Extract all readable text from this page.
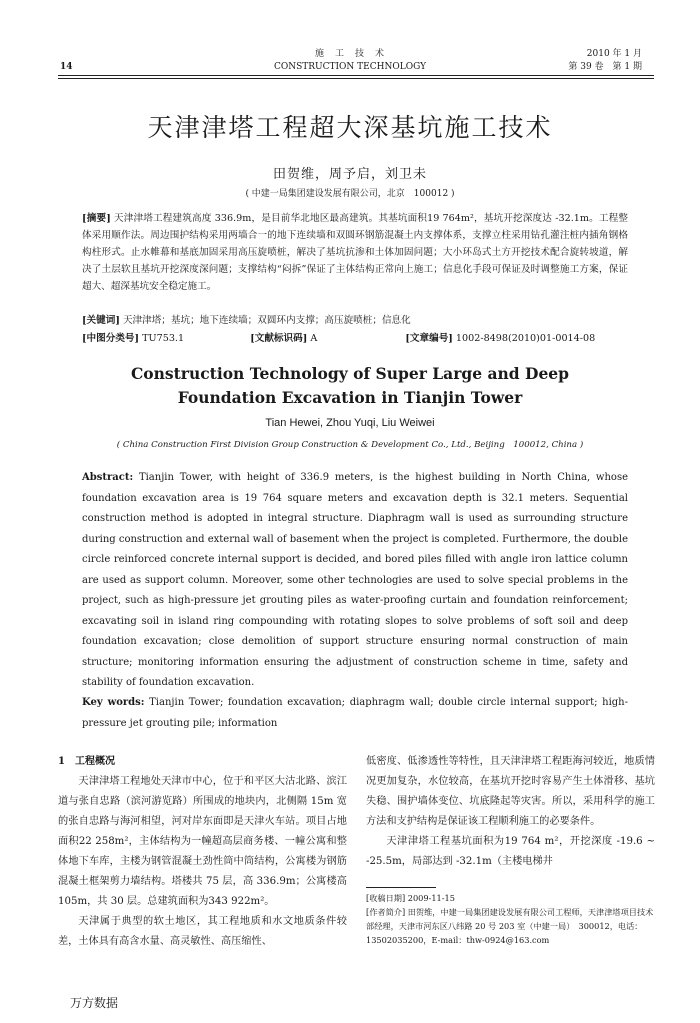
14
施　工　技　术
CONSTRUCTION TECHNOLOGY
2010 年 1 月
第 39 卷　第 1 期
天津津塔工程超大深基坑施工技术
田贺维，周予启，刘卫未
( 中建一局集团建设发展有限公司，北京　100012 )
[摘要] 天津津塔工程建筑高度 336.9m，是目前华北地区最高建筑。其基坑面积19 764m²，基坑开挖深度达 -32.1m。工程整体采用顺作法。周边围护结构采用两墙合一的地下连续墙和双圆环钢筋混凝土内支撑体系，支撑立柱采用钻孔灌注桩内插角钢格构柱形式。止水帷幕和基底加固采用高压旋喷桩，解决了基坑抗渗和土体加固问题；大小环岛式土方开挖技术配合旋转坡道，解决了土层软且基坑开挖深度深问题；支撑结构“闷拆”保证了主体结构正常向上施工；信息化手段可保证及时调整施工方案，保证超大、超深基坑安全稳定施工。
[关键词] 天津津塔；基坑；地下连续墙；双圆环内支撑；高压旋喷桩；信息化
[中图分类号] TU753.1	[文献标识码] A	[文章编号] 1002-8498(2010)01-0014-08
Construction Technology of Super Large and Deep
Foundation Excavation in Tianjin Tower
Tian Hewei, Zhou Yuqi, Liu Weiwei
( China Construction First Division Group Construction & Development Co., Ltd., Beijing　100012, China )
Abstract: Tianjin Tower, with height of 336.9 meters, is the highest building in North China, whose foundation excavation area is 19 764 square meters and excavation depth is 32.1 meters. Sequential construction method is adopted in integral structure. Diaphragm wall is used as surrounding structure during construction and external wall of basement when the project is completed. Furthermore, the double circle reinforced concrete internal support is decided, and bored piles filled with angle iron lattice column are used as support column. Moreover, some other technologies are used to solve special problems in the project, such as high-pressure jet grouting piles as water-proofing curtain and foundation reinforcement; excavating soil in island ring compounding with rotating slopes to solve problems of soft soil and deep foundation excavation; close demolition of support structure ensuring normal construction of main structure; monitoring information ensuring the adjustment of construction scheme in time, safety and stability of foundation excavation.
Key words: Tianjin Tower; foundation excavation; diaphragm wall; double circle internal support; high-pressure jet grouting pile; information
1　工程概况

天津津塔工程地处天津市中心，位于和平区大沽北路、滨江道与张自忠路（滨河游览路）所围成的地块内，北侧隔 15m 宽的张自忠路与海河相望，河对岸东面即是天津火车站。项目占地面积22 258m²，主体结构为一幢超高层商务楼、一幢公寓和整体地下车库，主楼为钢管混凝土劲性筒中筒结构，公寓楼为钢筋混凝土框架剪力墙结构。塔楼共 75 层，高 336.9m；公寓楼高 105m，共 30 层。总建筑面积为343 922m²。

天津属于典型的软土地区，其工程地质和水文地质条件较差，土体具有高含水量、高灵敏性、高压缩性、

低密度、低渗透性等特性，且天津津塔工程距海河较近，地质情况更加复杂，水位较高，在基坑开挖时容易产生土体滑移、基坑失稳、围护墙体变位、坑底隆起等灾害。所以，采用科学的施工方法和支护结构是保证该工程顺利施工的必要条件。

天津津塔工程基坑面积为19 764 m²，开挖深度 -19.6 ~ -25.5m，局部达到 -32.1m（主楼电梯井

[收稿日期] 2009-11-15
[作者简介] 田贺维，中建一局集团建设发展有限公司工程师，天津津塔项目技术部经理，天津市河东区八纬路 20 号 203 室（中建一局）　300012，电话：13502035200，E-mail：thw-0924@163.com
万方数据
